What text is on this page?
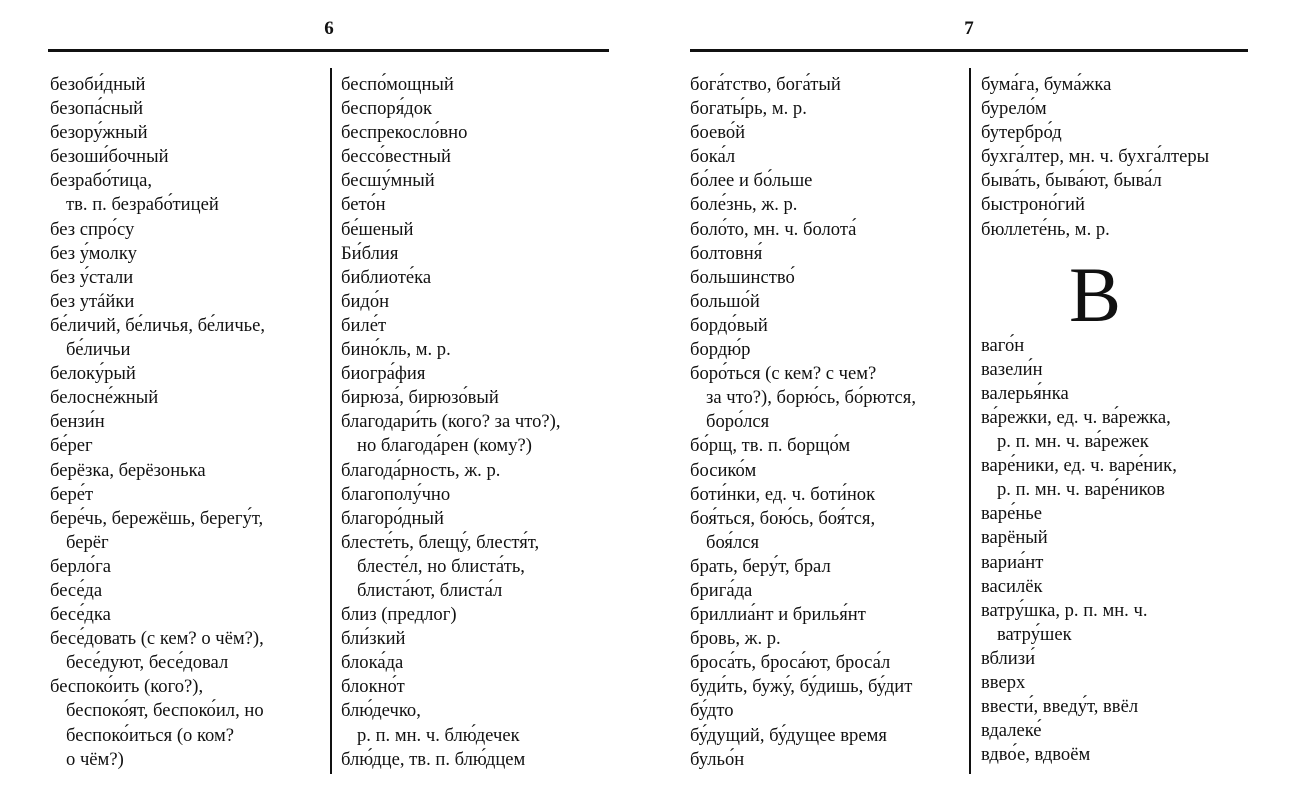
6
безоби́дный
безопа́сный
безору́жный
безоши́бочный
безрабо́тица,
тв. п. безрабо́тицей
без спро́су
без у́молку
без у́стали
без утáйки
бе́личий, бе́личья, бе́личье,
бе́личьи
белоку́рый
белосне́жный
бензи́н
бе́рег
берёзка, берёзонька
бере́т
бере́чь, бережёшь, берегу́т,
берёг
берло́га
бесе́да
бесе́дка
бесе́довать (с кем? о чём?),
бесе́дуют, бесе́довал
беспоко́ить (кого?),
беспоко́ят, беспоко́ил, но
беспоко́иться (о ком?
о чём?)
беспо́мощный
беспоря́док
беспрекосло́вно
бессо́вестный
бесшу́мный
бето́н
бе́шеный
Би́блия
библиоте́ка
бидо́н
биле́т
бино́кль, м. р.
биогра́фия
бирюза́, бирюзо́вый
благодари́ть (кого? за что?),
но благода́рен (кому?)
благода́рность, ж. р.
благополу́чно
благоро́дный
блесте́ть, блещу́, блестя́т,
блесте́л, но блиста́ть,
блиста́ют, блиста́л
близ (предлог)
бли́зкий
блока́да
блокно́т
блю́дечко,
р. п. мн. ч. блю́дечек
блю́дце, тв. п. блю́дцем
7
бога́тство, бога́тый
богаты́рь, м. р.
боево́й
бока́л
бо́лее и бо́льше
боле́знь, ж. р.
боло́то, мн. ч. болота́
болтовня́
большинство́
большо́й
бордо́вый
бордю́р
боро́ться (с кем? с чем?
за что?), борю́сь, бо́рются,
боро́лся
бо́рщ, тв. п. борщо́м
босико́м
боти́нки, ед. ч. боти́нок
боя́ться, бою́сь, боя́тся,
боя́лся
брать, беру́т, брал
брига́да
бриллиа́нт и брилья́нт
бровь, ж. р.
броса́ть, броса́ют, броса́л
буди́ть, бужу́, бу́дишь, бу́дит
бу́дто
бу́дущий, бу́дущее время
бульо́н
бума́га, бума́жка
бурело́м
бутербро́д
бухга́лтер, мн. ч. бухга́лтеры
быва́ть, быва́ют, быва́л
быстроно́гий
бюллете́нь, м. р.
В
ваго́н
вазели́н
валерья́нка
ва́режки, ед. ч. ва́режка,
р. п. мн. ч. ва́режек
варе́ники, ед. ч. варе́ник,
р. п. мн. ч. варе́ников
варе́нье
варёный
вариа́нт
василёк
ватру́шка, р. п. мн. ч.
ватру́шек
вблизи́
вверх
ввести́, введу́т, ввёл
вдалеке́
вдво́е, вдвоём
